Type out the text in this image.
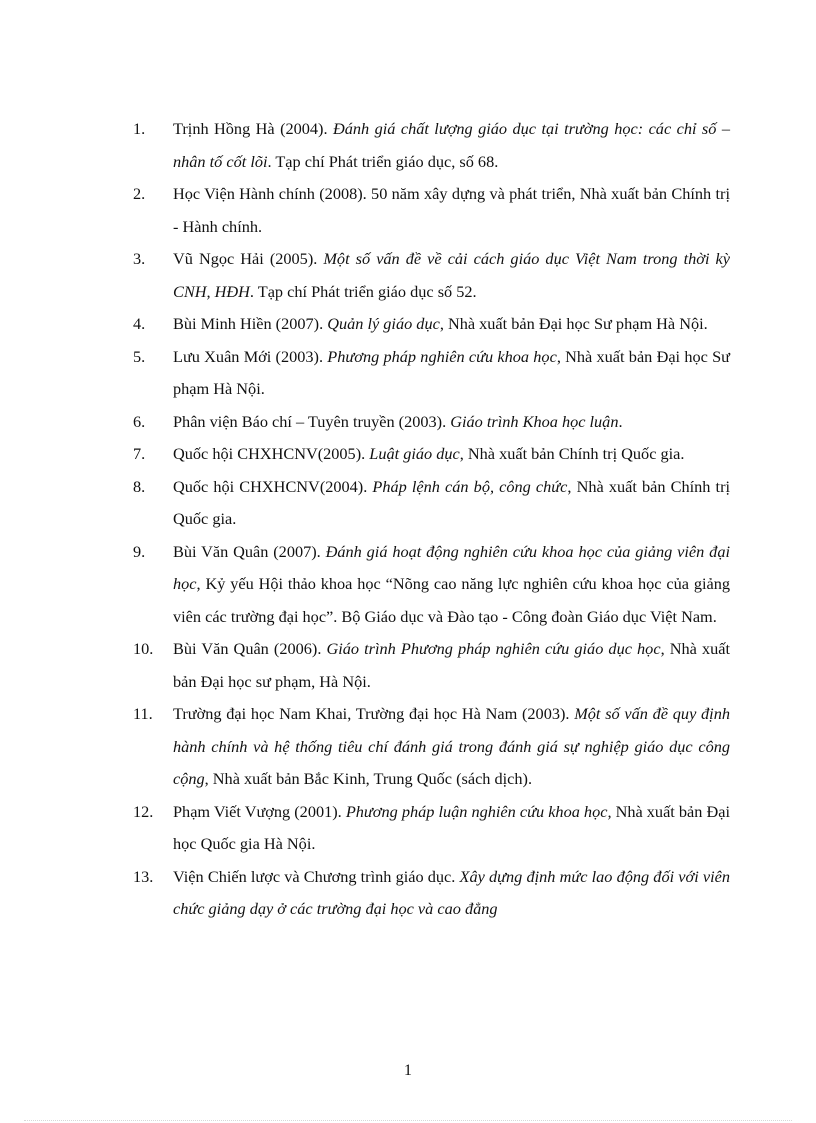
1.	Trịnh Hồng Hà (2004). Đánh giá chất lượng giáo dục tại trường học: các chỉ số – nhân tố cốt lõi. Tạp chí Phát triển giáo dục, số 68.
2.	Học Viện Hành chính (2008). 50 năm xây dựng và phát triển, Nhà xuất bản Chính trị - Hành chính.
3.	Vũ Ngọc Hải (2005). Một số vấn đề về cải cách giáo dục Việt Nam trong thời kỳ CNH, HĐH. Tạp chí Phát triển giáo dục số 52.
4.	Bùi Minh Hiền (2007). Quản lý giáo dục, Nhà xuất bản Đại học Sư phạm Hà Nội.
5.	Lưu Xuân Mới (2003). Phương pháp nghiên cứu khoa học, Nhà xuất bản Đại học Sư phạm Hà Nội.
6.	Phân viện Báo chí – Tuyên truyền (2003). Giáo trình Khoa học luận.
7.	Quốc hội CHXHCNV(2005). Luật giáo dục, Nhà xuất bản Chính trị Quốc gia.
8.	Quốc hội CHXHCNV(2004). Pháp lệnh cán bộ, công chức, Nhà xuất bản Chính trị Quốc gia.
9.	Bùi Văn Quân (2007). Đánh giá hoạt động nghiên cứu khoa học của giảng viên đại học, Kỷ yếu Hội thảo khoa học “Nõng cao năng lực nghiên cứu khoa học của giảng viên các trường đại học”. Bộ Giáo dục và Đào tạo - Công đoàn Giáo dục Việt Nam.
10.	Bùi Văn Quân (2006). Giáo trình Phương pháp nghiên cứu giáo dục học, Nhà xuất bản Đại học sư phạm, Hà Nội.
11.	Trường đại học Nam Khai, Trường đại học Hà Nam (2003). Một số vấn đề quy định hành chính và hệ thống tiêu chí đánh giá trong đánh giá sự nghiệp giáo dục công cộng, Nhà xuất bản Bắc Kinh, Trung Quốc (sách dịch).
12.	Phạm Viết Vượng (2001). Phương pháp luận nghiên cứu khoa học, Nhà xuất bản Đại học Quốc gia Hà Nội.
13.	Viện Chiến lược và Chương trình giáo dục. Xây dựng định mức lao động đối với viên chức giảng dạy ở các trường đại học và cao đẳng
1
